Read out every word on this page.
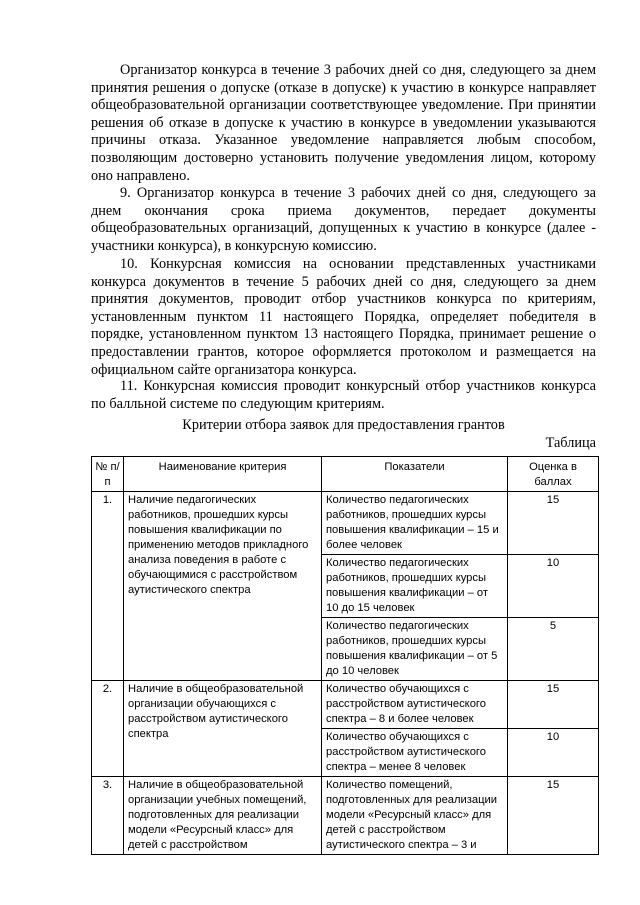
Организатор конкурса в течение 3 рабочих дней со дня, следующего за днем принятия решения о допуске (отказе в допуске) к участию в конкурсе направляет общеобразовательной организации соответствующее уведомление. При принятии решения об отказе в допуске к участию в конкурсе в уведомлении указываются причины отказа. Указанное уведомление направляется любым способом, позволяющим достоверно установить получение уведомления лицом, которому оно направлено.

9. Организатор конкурса в течение 3 рабочих дней со дня, следующего за днем окончания срока приема документов, передает документы общеобразовательных организаций, допущенных к участию в конкурсе (далее - участники конкурса), в конкурсную комиссию.

10. Конкурсная комиссия на основании представленных участниками конкурса документов в течение 5 рабочих дней со дня, следующего за днем принятия документов, проводит отбор участников конкурса по критериям, установленным пунктом 11 настоящего Порядка, определяет победителя в порядке, установленном пунктом 13 настоящего Порядка, принимает решение о предоставлении грантов, которое оформляется протоколом и размещается на официальном сайте организатора конкурса.

11. Конкурсная комиссия проводит конкурсный отбор участников конкурса по балльной системе по следующим критериям.

Критерии отбора заявок для предоставления грантов
Таблица
№ п/п	Наименование критерия	Показатели	Оценка в баллах
1.	Наличие педагогических работников, прошедших курсы повышения квалификации по применению методов прикладного анализа поведения в работе с обучающимися с расстройством аутистического спектра	Количество педагогических работников, прошедших курсы повышения квалификации – 15 и более человек	15
		Количество педагогических работников, прошедших курсы повышения квалификации – от 10 до 15 человек	10
		Количество педагогических работников, прошедших курсы повышения квалификации – от 5 до 10 человек	5
2.	Наличие в общеобразовательной организации обучающихся с расстройством аутистического спектра	Количество обучающихся с расстройством аутистического спектра – 8 и более человек	15
		Количество обучающихся с расстройством аутистического спектра – менее 8 человек	10
3.	Наличие в общеобразовательной организации учебных помещений, подготовленных для реализации модели «Ресурсный класс» для детей с расстройством	Количество помещений, подготовленных для реализации модели «Ресурсный класс» для детей с расстройством аутистического спектра – 3 и	15
